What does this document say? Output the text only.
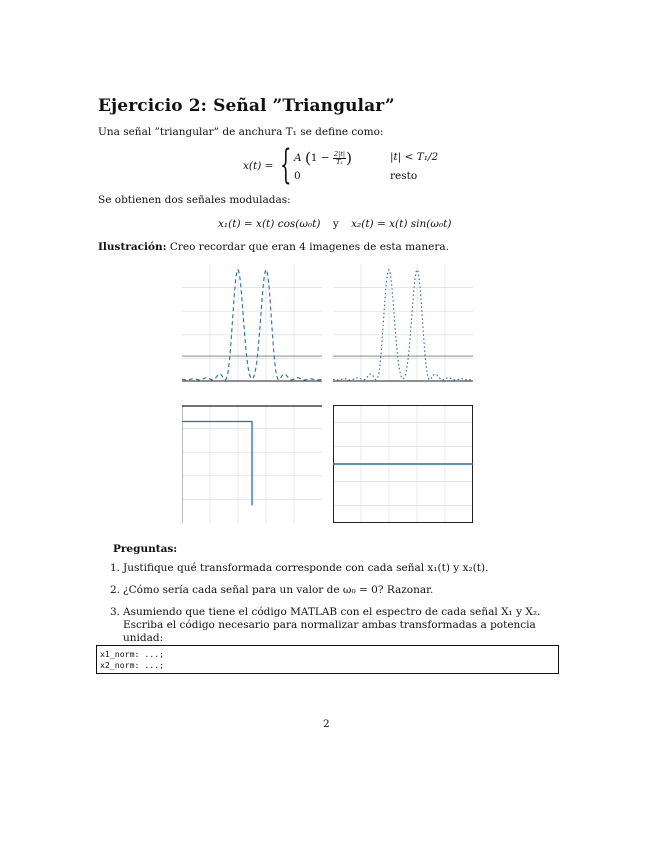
Ejercicio 2: Señal ”Triangular”
Una señal ”triangular” de anchura T₁ se define como:
x(t) = { A ($1 - \frac{2|t|}{\text{T₁}}$ )	|t| < T₁/2
0	resto
Se obtienen dos señales moduladas:
x₁(t) = x(t) cos(ω₀t) y x₂(t) = x(t) sin(ω₀t)
Ilustración: Creo recordar que eran 4 imagenes de esta manera.
Preguntas:
1. Justifique qué transformada corresponde con cada señal x₁(t) y x₂(t).
2. ¿Cómo sería cada señal para un valor de ω₀ = 0? Razonar.
3. Asumiendo que tiene el código MATLAB con el espectro de cada señal X₁ y X₂. Escriba el código necesario para normalizar ambas transformadas a potencia unidad:
x1_norm: ...;
x2_norm: ...;
2
